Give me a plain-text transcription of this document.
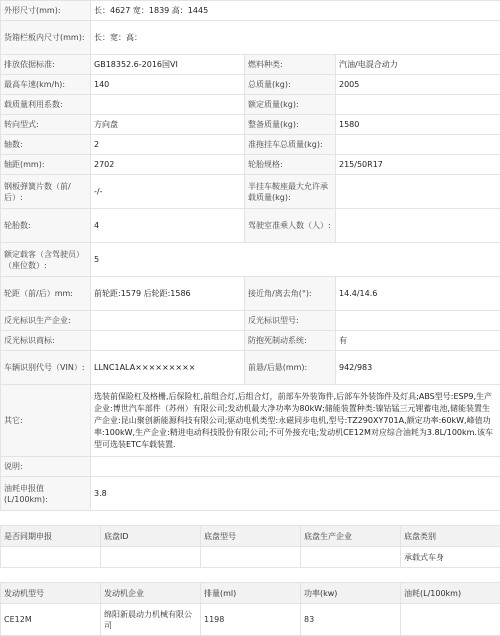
外形尺寸(mm):	长：4627 宽：1839 高：1445		
货箱栏板内尺寸(mm):	长：宽：高：		
排放依据标准:	GB18352.6-2016国VI	燃料种类:	汽油/电混合动力
最高车速(km/h):	140	总质量(kg):	2005
载质量利用系数:		额定质量(kg):	
转向型式:	方向盘	整备质量(kg):	1580
轴数:	2	准拖挂车总质量(kg):	
轴距(mm):	2702	轮胎规格:	215/50R17
钢板弹簧片数（前/后）:	-/-	半挂车鞍座最大允许承载质量(kg):	
轮胎数:	4	驾驶室准乘人数（人）:	
额定载客（含驾驶员）（座位数）:	5		
轮距（前/后）mm:	前轮距:1579 后轮距:1586	接近角/离去角(°):	14.4/14.6
反光标识生产企业:		反光标识型号:	
反光标识商标:		防抱死制动系统:	有
车辆识别代号（VIN）:	LLNC1ALA×××××××××	前悬/后悬(mm):	942/983
其它:	选装前保险杠及格栅,后保险杠,前组合灯,后组合灯，前部车外装饰件,后部车外装饰件及灯具;ABS型号:ESP9,生产企业:博世汽车部件（苏州）有限公司;发动机最大净功率为80kW;储能装置种类:镍钴锰三元锂蓄电池,储能装置生产企业:昆山聚创新能源科技有限公司;驱动电机类型:永磁同步电机,型号:TZ290XY701A,额定功率:60kW,峰值功率:100kW,生产企业:精进电动科技股份有限公司;不可外接充电;发动机CE12M对应综合油耗为3.8L/100km.该车型可选装ETC车载装置.		
说明:			
油耗申报值(L/100km):	3.8		
是否同期申报	底盘ID	底盘型号	底盘生产企业	底盘类别
				承载式车身
发动机型号	发动机企业	排量(ml)	功率(kw)	油耗(L/100km)
CE12M	绵阳新晨动力机械有限公司	1198	83	
